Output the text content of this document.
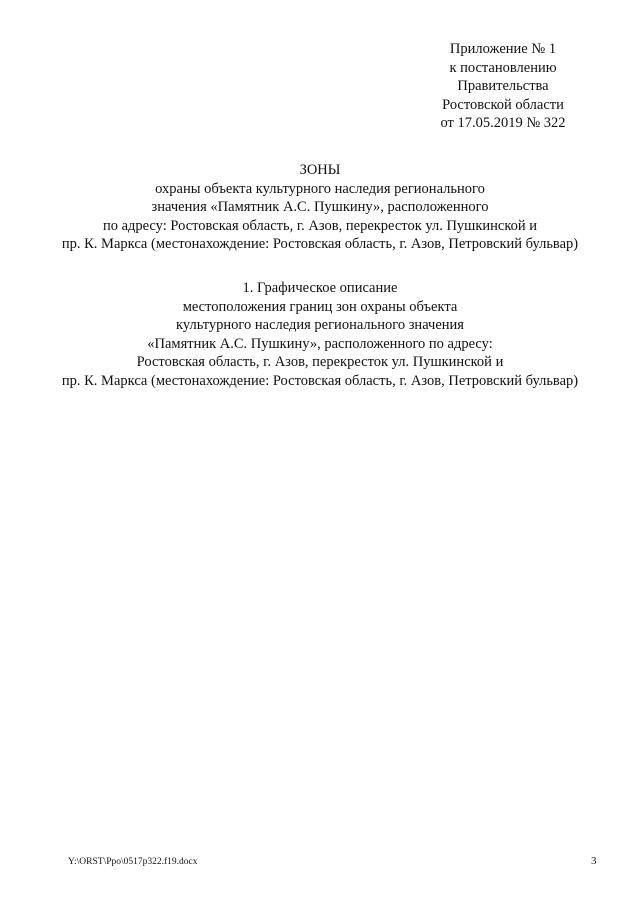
Приложение № 1
к постановлению
Правительства
Ростовской области
от 17.05.2019 № 322
ЗОНЫ
охраны объекта культурного наследия регионального
значения «Памятник А.С. Пушкину», расположенного
по адресу: Ростовская область, г. Азов, перекресток ул. Пушкинской и
пр. К. Маркса (местонахождение: Ростовская область, г. Азов, Петровский бульвар)
1. Графическое описание
местоположения границ зон охраны объекта
культурного наследия регионального значения
«Памятник А.С. Пушкину», расположенного по адресу:
Ростовская область, г. Азов, перекресток ул. Пушкинской и
пр. К. Маркса (местонахождение: Ростовская область, г. Азов, Петровский бульвар)
Y:\ORST\Ppo\0517p322.f19.docx	3
